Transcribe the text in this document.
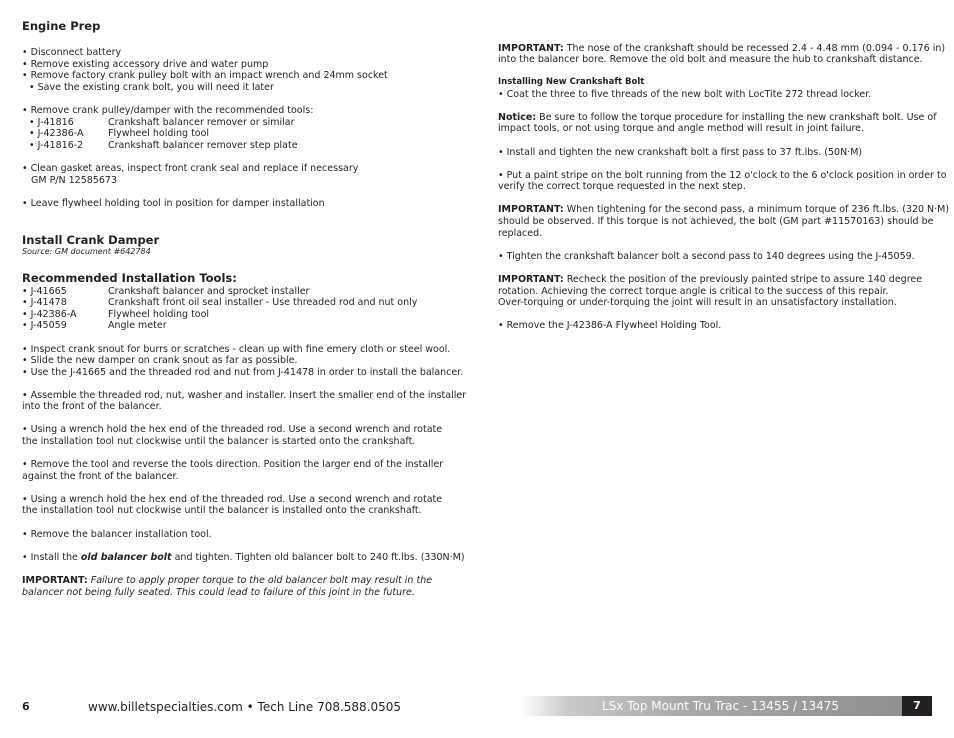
Engine Prep
• Disconnect battery
• Remove existing accessory drive and water pump
• Remove factory crank pulley bolt with an impact wrench and 24mm socket
• Save the existing crank bolt, you will need it later
• Remove crank pulley/damper with the recommended tools:
• J-41816	Crankshaft balancer remover or similar
• J-42386-A	Flywheel holding tool
• J-41816-2	Crankshaft balancer remover step plate
• Clean gasket areas, inspect front crank seal and replace if necessary
GM P/N 12585673
• Leave flywheel holding tool in position for damper installation
Install Crank Damper
Source: GM document #642784
Recommended Installation Tools:
• J-41665	Crankshaft balancer and sprocket installer
• J-41478	Crankshaft front oil seal installer - Use threaded rod and nut only
• J-42386-A	Flywheel holding tool
• J-45059	Angle meter
• Inspect crank snout for burrs or scratches - clean up with fine emery cloth or steel wool.
• Slide the new damper on crank snout as far as possible.
• Use the J-41665 and the threaded rod and nut from J-41478 in order to install the balancer.
• Assemble the threaded rod, nut, washer and installer. Insert the smaller end of the installer
into the front of the balancer.
• Using a wrench hold the hex end of the threaded rod. Use a second wrench and rotate
the installation tool nut clockwise until the balancer is started onto the crankshaft.
• Remove the tool and reverse the tools direction. Position the larger end of the installer
against the front of the balancer.
• Using a wrench hold the hex end of the threaded rod. Use a second wrench and rotate
the installation tool nut clockwise until the balancer is installed onto the crankshaft.
• Remove the balancer installation tool.
• Install the old balancer bolt and tighten. Tighten old balancer bolt to 240 ft.lbs. (330N·M)
IMPORTANT: Failure to apply proper torque to the old balancer bolt may result in the
balancer not being fully seated. This could lead to failure of this joint in the future.
IMPORTANT: The nose of the crankshaft should be recessed 2.4 - 4.48 mm (0.094 - 0.176 in)
into the balancer bore. Remove the old bolt and measure the hub to crankshaft distance.
Installing New Crankshaft Bolt
• Coat the three to five threads of the new bolt with LocTite 272 thread locker.
Notice: Be sure to follow the torque procedure for installing the new crankshaft bolt. Use of
impact tools, or not using torque and angle method will result in joint failure.
• Install and tighten the new crankshaft bolt a first pass to 37 ft.lbs. (50N·M)
• Put a paint stripe on the bolt running from the 12 o'clock to the 6 o'clock position in order to
verify the correct torque requested in the next step.
IMPORTANT: When tightening for the second pass, a minimum torque of 236 ft.lbs. (320 N·M)
should be observed. If this torque is not achieved, the bolt (GM part #11570163) should be
replaced.
• Tighten the crankshaft balancer bolt a second pass to 140 degrees using the J-45059.
IMPORTANT: Recheck the position of the previously painted stripe to assure 140 degree
rotation. Achieving the correct torque angle is critical to the success of this repair.
Over-torquing or under-torquing the joint will result in an unsatisfactory installation.
• Remove the J-42386-A Flywheel Holding Tool.
6	www.billetspecialties.com • Tech Line 708.588.0505	LSx Top Mount Tru Trac - 13455 / 13475	7
